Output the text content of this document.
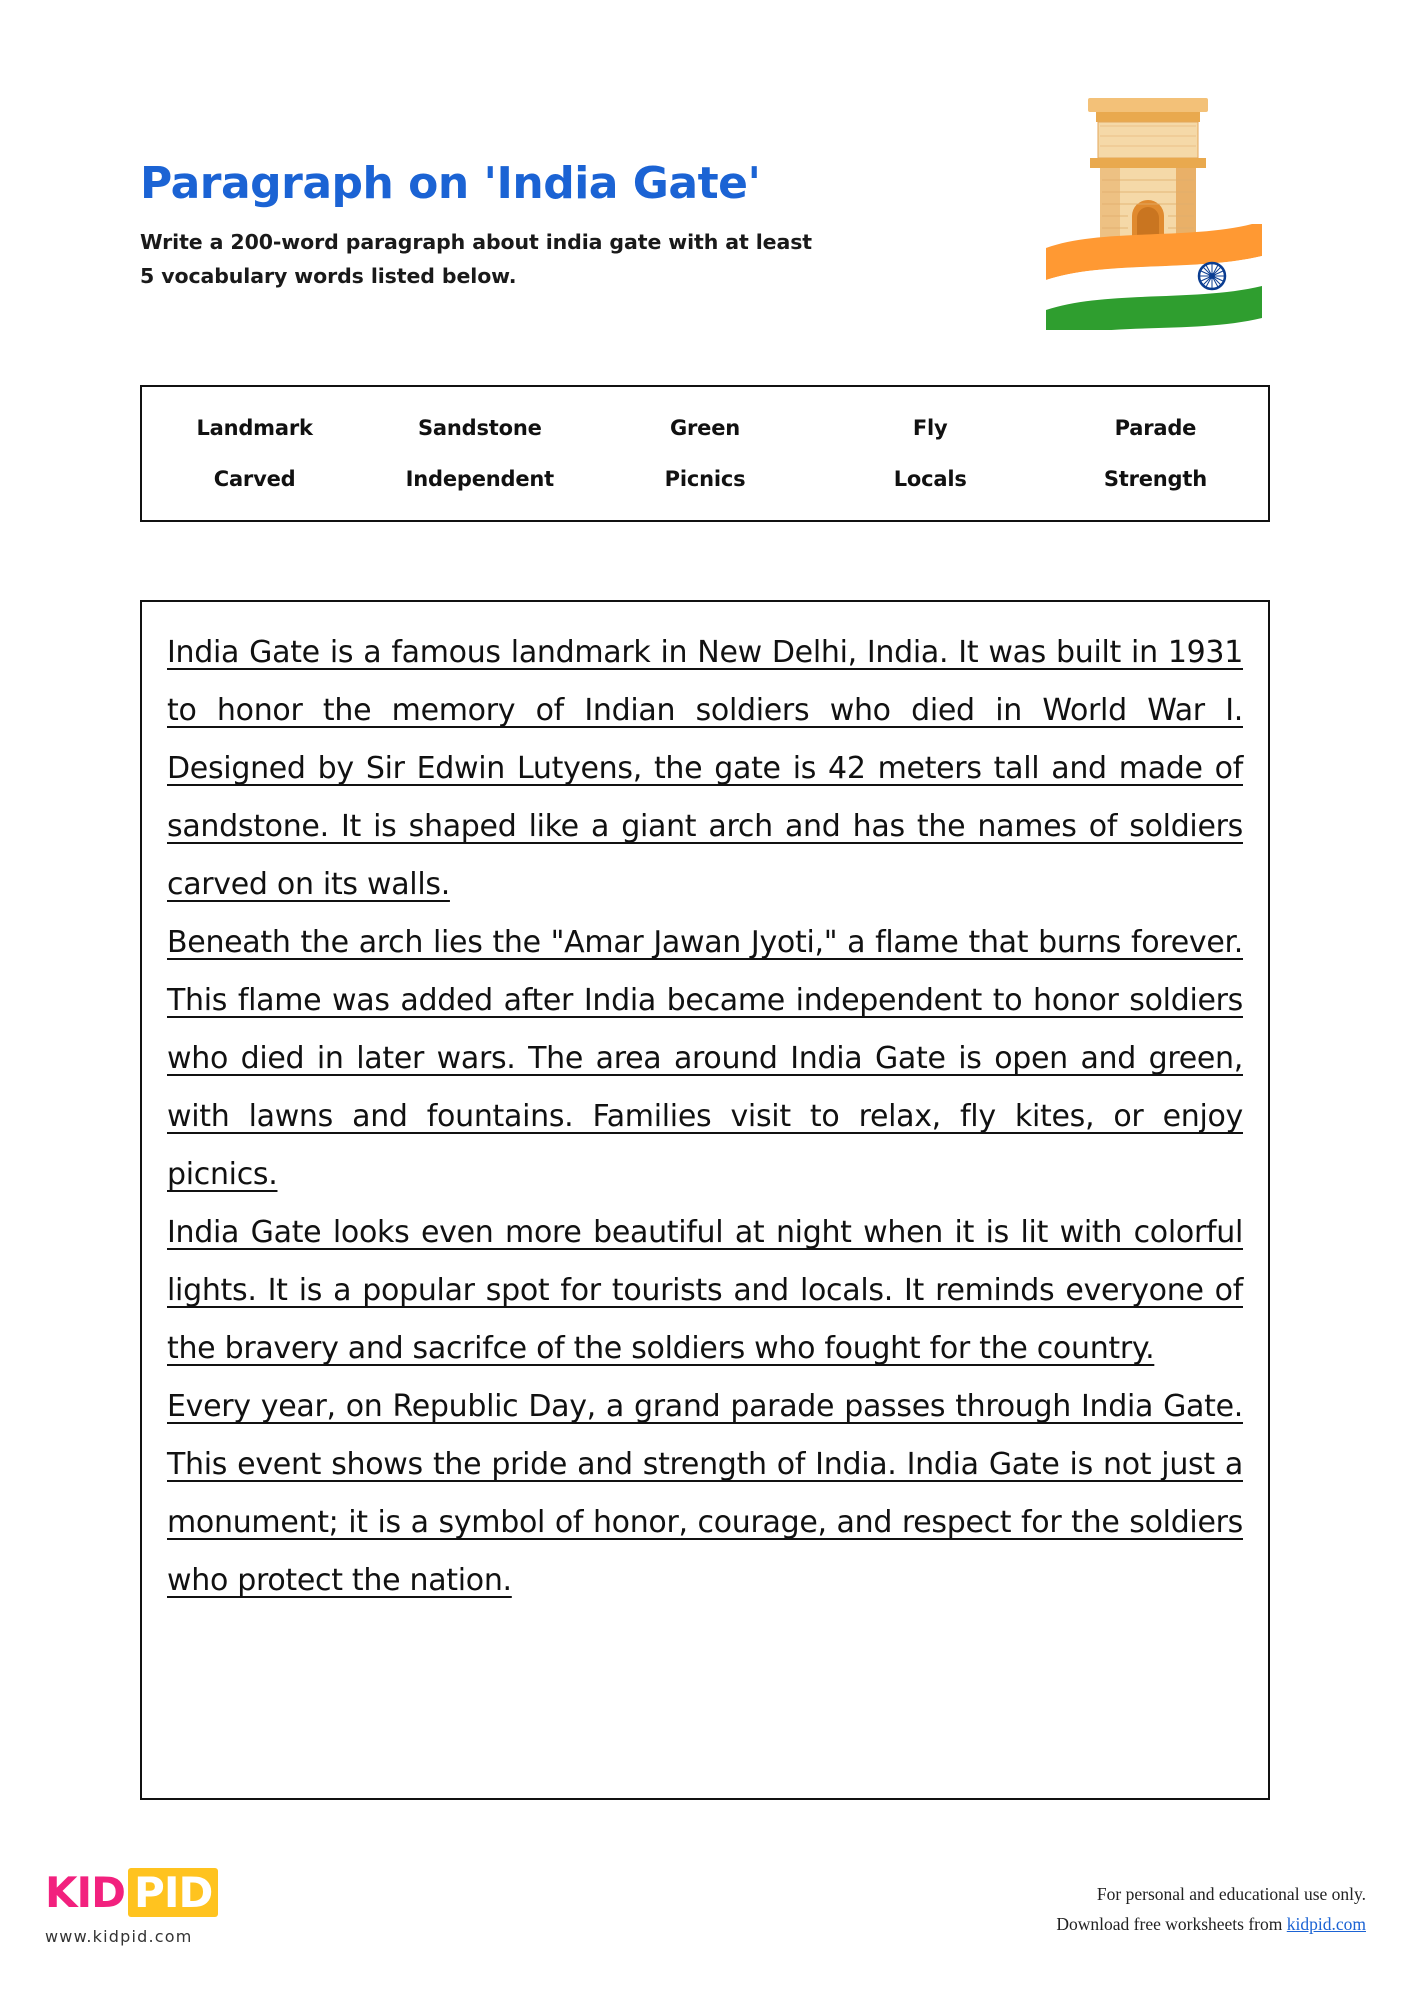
Paragraph on 'India Gate'
Write a 200-word paragraph about india gate with at least
5 vocabulary words listed below.
Landmark	Sandstone	Green	Fly	Parade
Carved	Independent	Picnics	Locals	Strength

India Gate is a famous landmark in New Delhi, India. It was built in 1931 to honor the memory of Indian soldiers who died in World War I. Designed by Sir Edwin Lutyens, the gate is 42 meters tall and made of sandstone. It is shaped like a giant arch and has the names of soldiers carved on its walls.

Beneath the arch lies the "Amar Jawan Jyoti," a flame that burns forever. This flame was added after India became independent to honor soldiers who died in later wars. The area around India Gate is open and green, with lawns and fountains. Families visit to relax, fly kites, or enjoy picnics.

India Gate looks even more beautiful at night when it is lit with colorful lights. It is a popular spot for tourists and locals. It reminds everyone of the bravery and sacrifce of the soldiers who fought for the country.

Every year, on Republic Day, a grand parade passes through India Gate. This event shows the pride and strength of India. India Gate is not just a monument; it is a symbol of honor, courage, and respect for the soldiers who protect the nation.

KID PID
www.kidpid.com
For personal and educational use only.
Download free worksheets from kidpid.com
